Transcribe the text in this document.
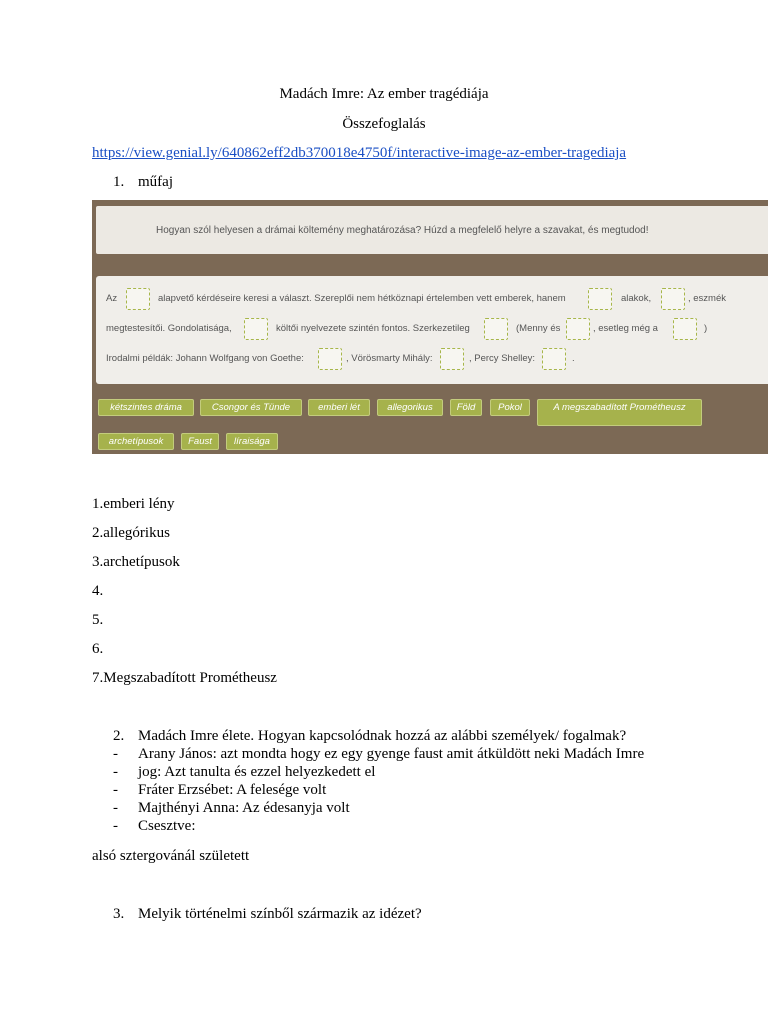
Madách Imre: Az ember tragédiája
Összefoglalás
https://view.genial.ly/640862eff2db370018e4750f/interactive-image-az-ember-tragediaja
1. műfaj
Hogyan szól helyesen a drámai költemény meghatározása? Húzd a megfelelő helyre a szavakat, és megtudod!
Az	alapvető kérdéseire keresi a választ. Szereplői nem hétköznapi értelemben vett emberek, hanem	alakok,	, eszmék
megtestesítői. Gondolatisága,	költői nyelvezete szintén fontos. Szerkezetileg	(Menny és	, esetleg még a	)
Irodalmi példák: Johann Wolfgang von Goethe:	, Vörösmarty Mihály:	, Percy Shelley:	.
kétszintes dráma	Csongor és Tünde	emberi lét	allegorikus	Föld	Pokol	A megszabadított Prométheusz
archetípusok	Faust	líraisága
1.emberi lény
2.allegórikus
3.archetípusok
4.
5.
6.
7.Megszabadított Prométheusz
2. Madách Imre élete. Hogyan kapcsolódnak hozzá az alábbi személyek/ fogalmak?
- Arany János: azt mondta hogy ez egy gyenge faust amit átküldött neki Madách Imre
- jog: Azt tanulta és ezzel helyezkedett el
- Fráter Erzsébet: A felesége volt
- Majthényi Anna: Az édesanyja volt
- Csesztve:
alsó sztergovánál született
3. Melyik történelmi színből származik az idézet?
